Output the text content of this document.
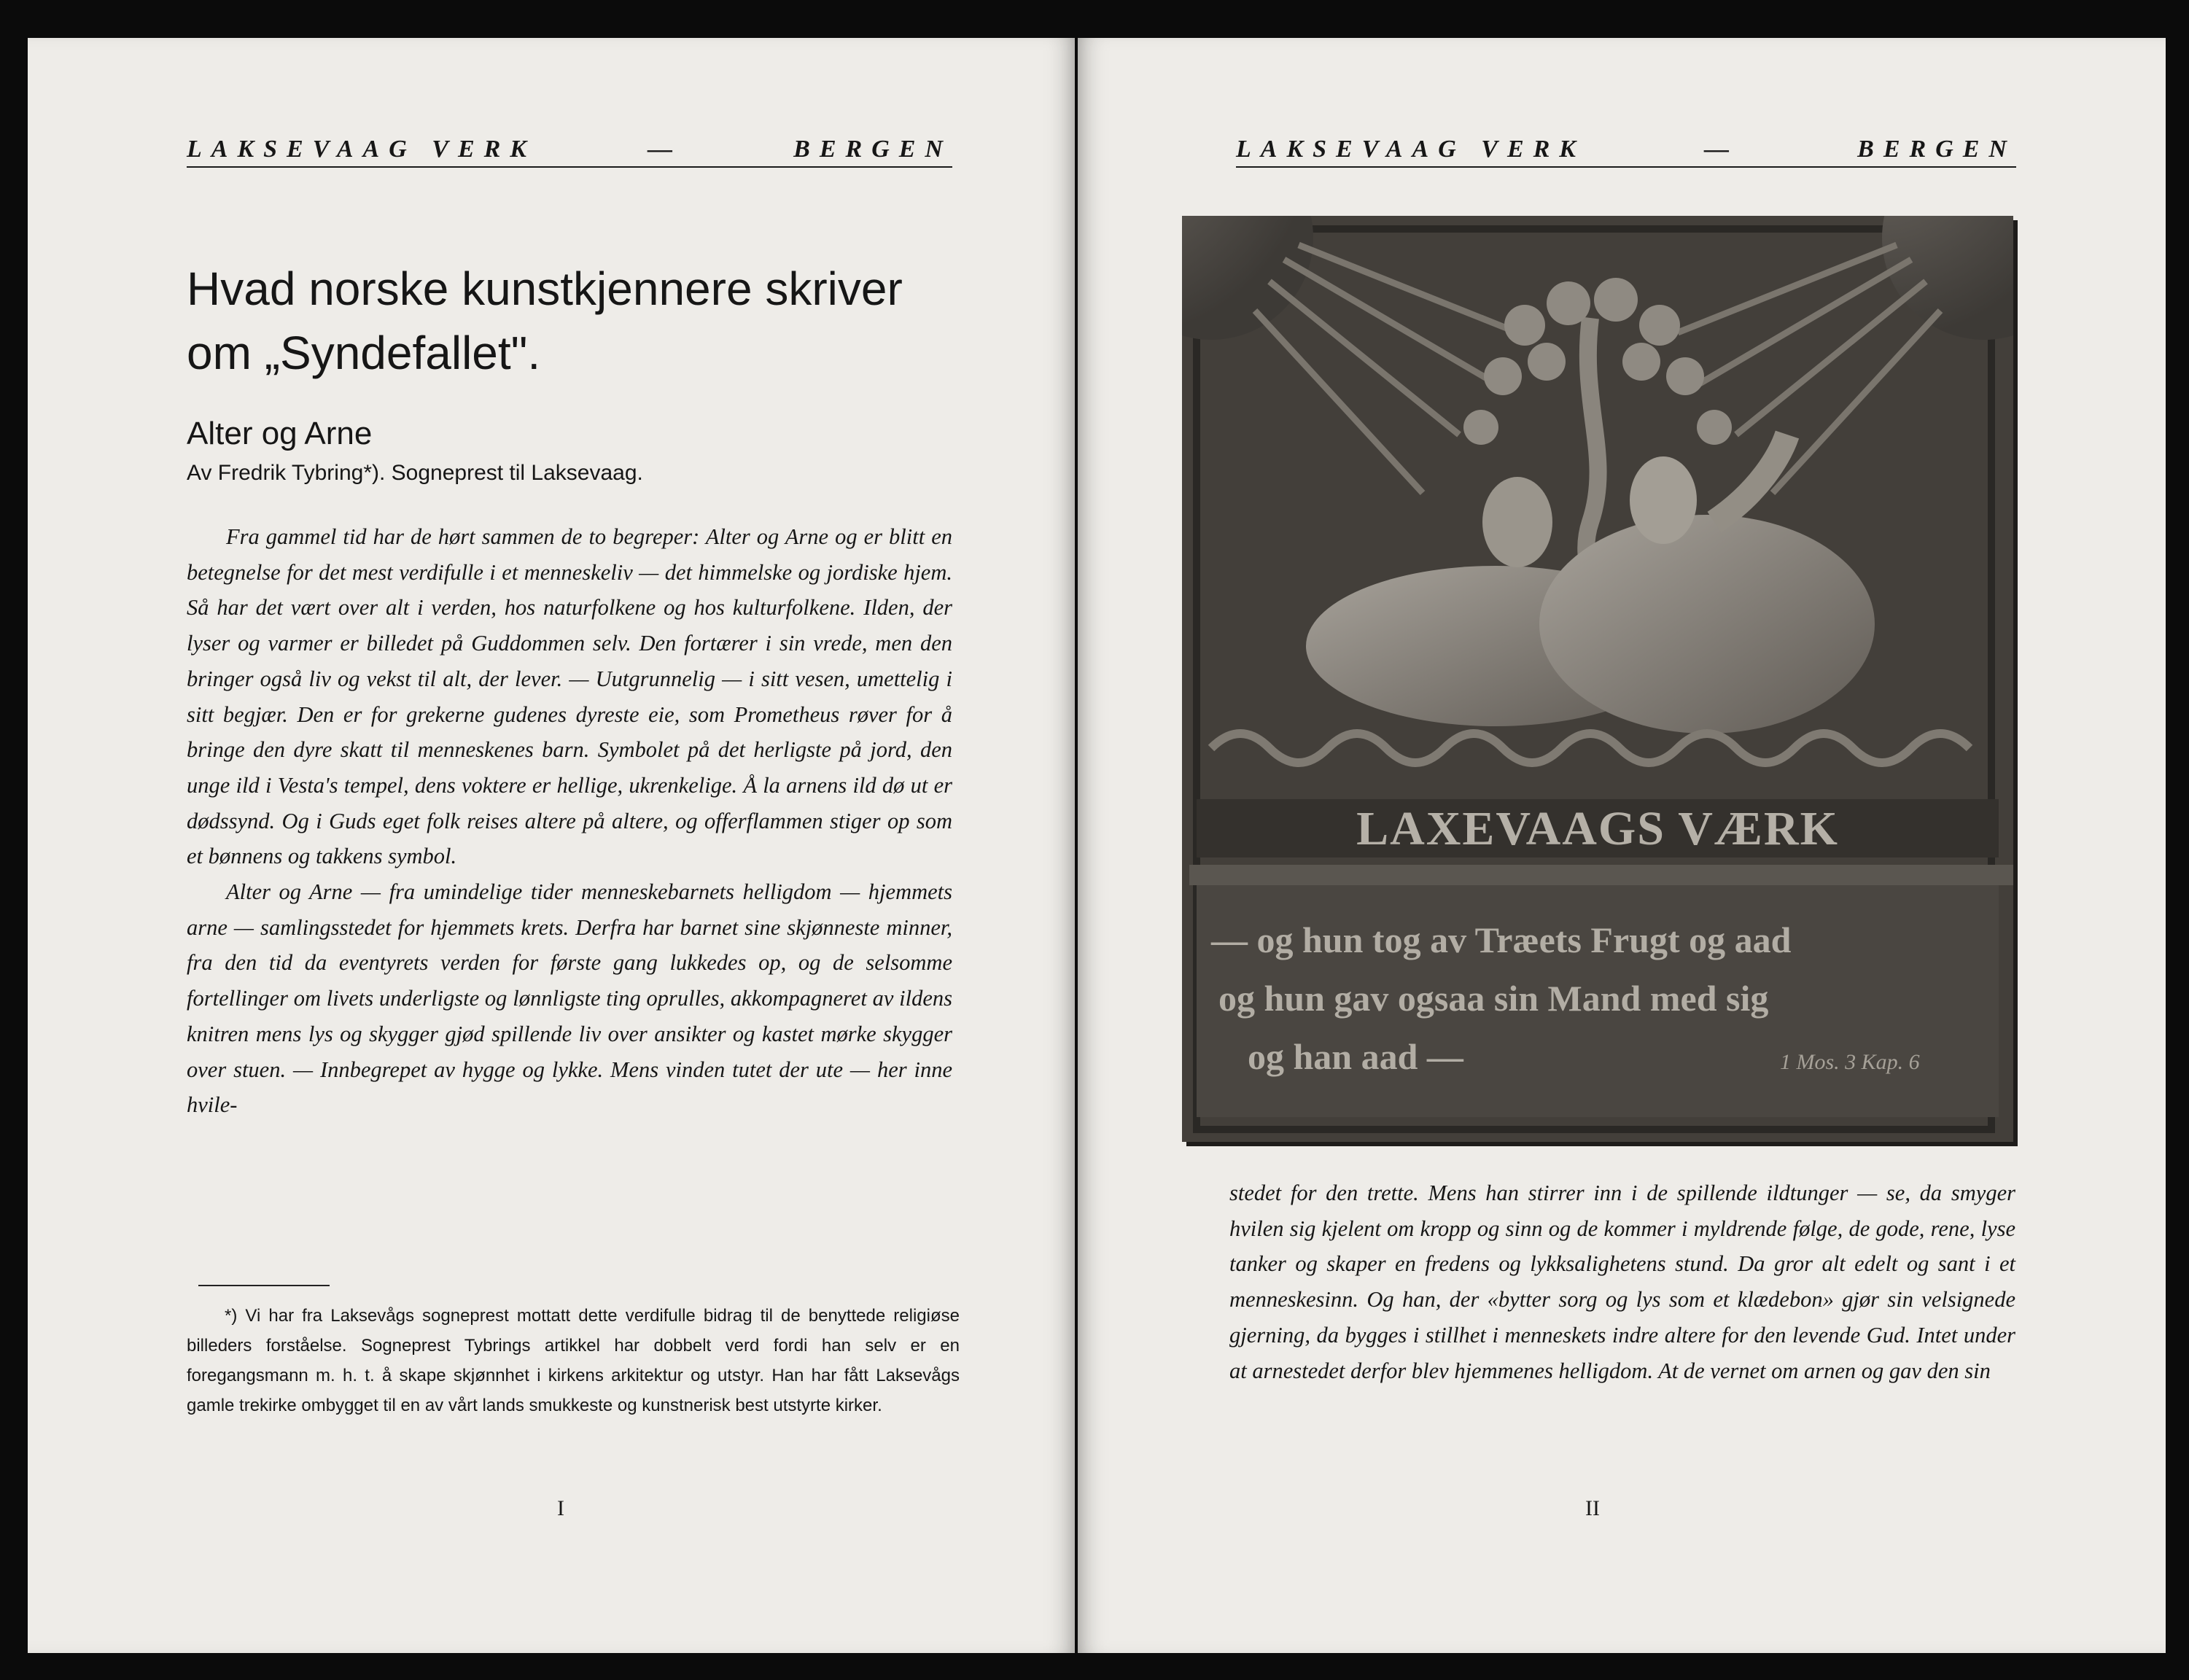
LAKSEVAAG VERK	—	BERGEN
Hvad norske kunstkjennere skriver om „Syndefallet".
Alter og Arne
Av Fredrik Tybring*). Sogneprest til Laksevaag.

Fra gammel tid har de hørt sammen de to begreper: Alter og Arne og er blitt en betegnelse for det mest verdifulle i et menneskeliv — det himmelske og jordiske hjem. Så har det vært over alt i verden, hos naturfolkene og hos kulturfolkene. Ilden, der lyser og varmer er billedet på Guddommen selv. Den fortærer i sin vrede, men den bringer også liv og vekst til alt, der lever. — Uutgrunnelig — i sitt vesen, umettelig i sitt begjær. Den er for grekerne gudenes dyreste eie, som Prometheus røver for å bringe den dyre skatt til menneskenes barn. Symbolet på det herligste på jord, den unge ild i Vesta's tempel, dens voktere er hellige, ukrenkelige. Å la arnens ild dø ut er dødssynd. Og i Guds eget folk reises altere på altere, og offerflammen stiger op som et bønnens og takkens symbol.

Alter og Arne — fra umindelige tider menneskebarnets helligdom — hjemmets arne — samlingsstedet for hjemmets krets. Derfra har barnet sine skjønneste minner, fra den tid da eventyrets verden for første gang lukkedes op, og de selsomme fortellinger om livets underligste og lønnligste ting oprulles, akkompagneret av ildens knitren mens lys og skygger gjød spillende liv over ansikter og kastet mørke skygger over stuen. — Innbegrepet av hygge og lykke. Mens vinden tutet der ute — her inne hvile-

*) Vi har fra Laksevågs sogneprest mottatt dette verdifulle bidrag til de benyttede religiøse billeders forståelse. Sogneprest Tybrings artikkel har dobbelt verd fordi han selv er en foregangsmann m. h. t. å skape skjønnhet i kirkens arkitektur og utstyr. Han har fått Laksevågs gamle trekirke ombygget til en av vårt lands smukkeste og kunstnerisk best utstyrte kirker.

I
LAKSEVAAG VERK	—	BERGEN
LAXEVAAGS VÆRK
— og hun tog av Træets Frugt og aad
og hun gav ogsaa sin Mand med sig
og han aad —	1 Mos. 3 Kap. 6

stedet for den trette. Mens han stirrer inn i de spillende ildtunger — se, da smyger hvilen sig kjelent om kropp og sinn og de kommer i myldrende følge, de gode, rene, lyse tanker og skaper en fredens og lykksalighetens stund. Da gror alt edelt og sant i et menneskesinn. Og han, der «bytter sorg og lys som et klædebon» gjør sin velsignede gjerning, da bygges i stillhet i menneskets indre altere for den levende Gud. Intet under at arnestedet derfor blev hjemmenes helligdom. At de vernet om arnen og gav den sin

II
